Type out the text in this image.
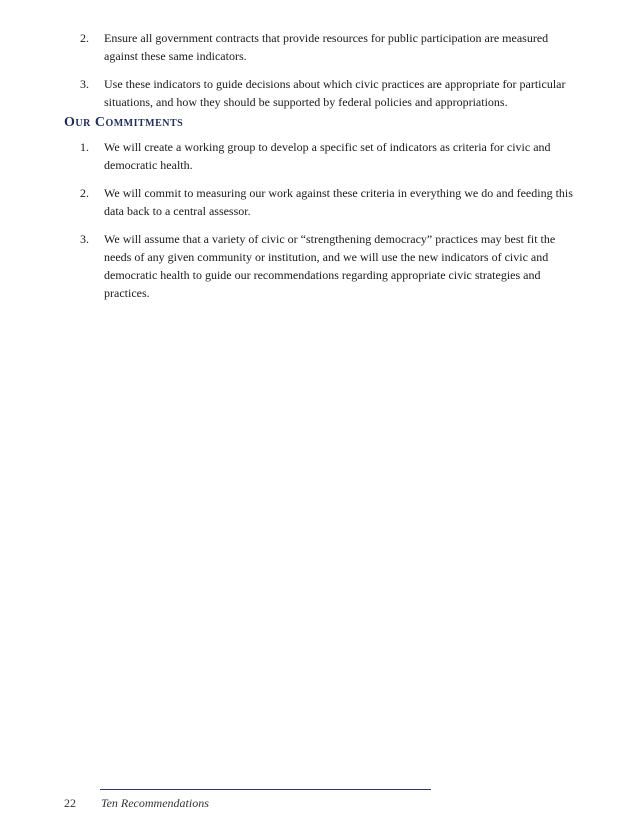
2.	Ensure all government contracts that provide resources for public participation are measured against these same indicators.
3.	Use these indicators to guide decisions about which civic practices are appropriate for particular situations, and how they should be supported by federal policies and appropriations.
Our Commitments
1.	We will create a working group to develop a specific set of indicators as criteria for civic and democratic health.
2.	We will commit to measuring our work against these criteria in everything we do and feeding this data back to a central assessor.
3.	We will assume that a variety of civic or “strengthening democracy” practices may best fit the needs of any given community or institution, and we will use the new indicators of civic and democratic health to guide our recommendations regarding appropriate civic strategies and practices.
22 Ten Recommendations
